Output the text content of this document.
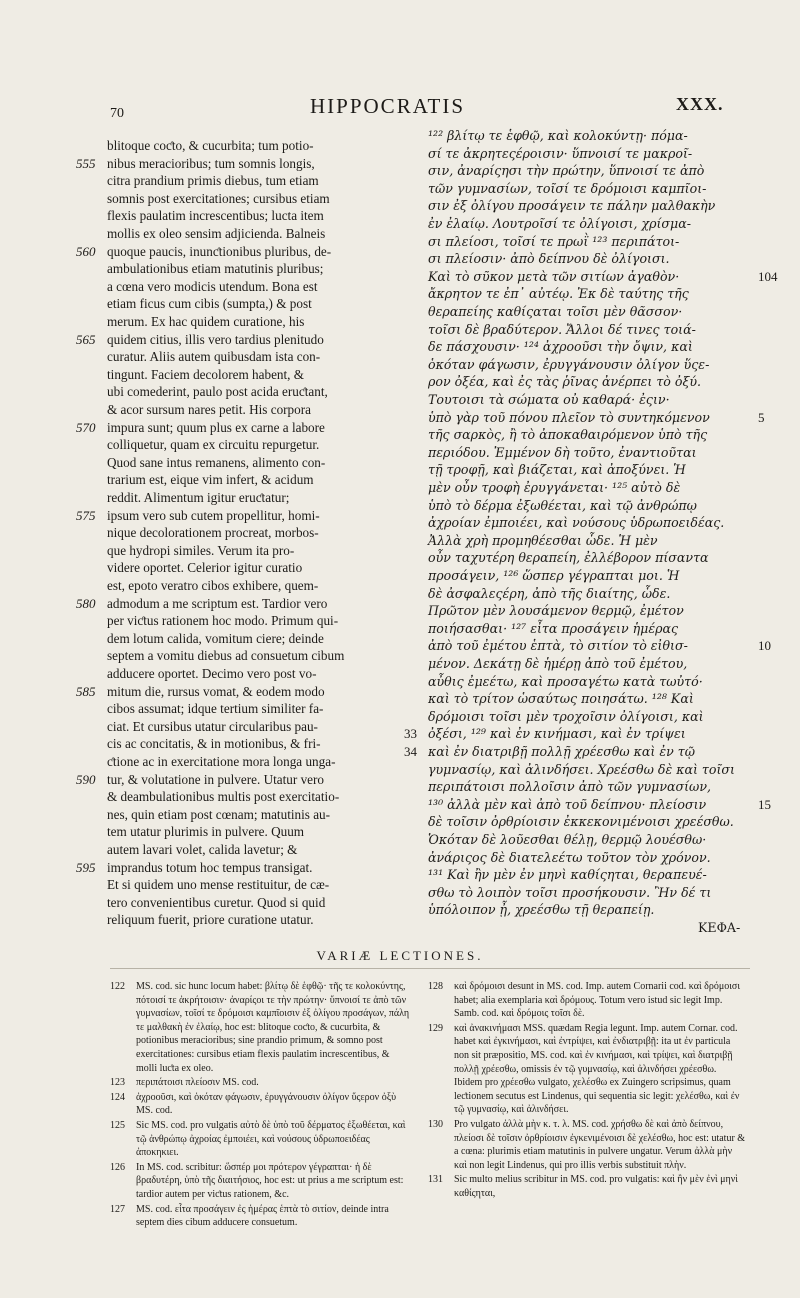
70	HIPPOCRATIS	XXX.
blitoque coƈto, & cucurbita; tum potio-
nibus meracioribus; tum somnis longis,
citra prandium primis diebus, tum etiam
somnis post exercitationes; cursibus etiam
flexis paulatim increscentibus; lucta item
mollis ex oleo sensim adjicienda. Balneis
quoque paucis, inunƈtionibus pluribus, de-
ambulationibus etiam matutinis pluribus;
a cœna vero modicis utendum. Bona est
etiam ficus cum cibis (sumpta,) & post
merum. Ex hac quidem curatione, his
quidem citius, illis vero tardius plenitudo
curatur. Aliis autem quibusdam ista con-
tingunt. Faciem decolorem habent, &
ubi comederint, paulo post acida eruƈtant,
& acor sursum nares petit. His corpora
impura sunt; quum plus ex carne a labore
colliquetur, quam ex circuitu repurgetur.
Quod sane intus remanens, alimento con-
trarium est, eique vim infert, & acidum
reddit. Alimentum igitur eruƈtatur;
ipsum vero sub cutem propellitur, homi-
nique decolorationem procreat, morbos-
que hydropi similes. Verum ita pro-
videre oportet. Celerior igitur curatio
est, epoto veratro cibos exhibere, quem-
admodum a me scriptum est. Tardior vero
per viƈtus rationem hoc modo. Primum qui-
dem lotum calida, vomitum ciere; deinde
septem a vomitu diebus ad consuetum cibum
adducere oportet. Decimo vero post vo-
mitum die, rursus vomat, & eodem modo
cibos assumat; idque tertium similiter fa-
ciat. Et cursibus utatur circularibus pau-
cis ac concitatis, & in motionibus, & fri-
ƈtione ac in exercitatione mora longa unga-
tur, & volutatione in pulvere. Utatur vero
& deambulationibus multis post exercitatio-
nes, quin etiam post cœnam; matutinis au-
tem utatur plurimis in pulvere. Quum
autem lavari volet, calida lavetur; &
imprandus totum hoc tempus transigat.
Et si quidem uno mense restituitur, de cæ-
tero convenientibus curetur. Quod si quid
reliquum fuerit, priore curatione utatur.
555
560
565
570
575
580
585
590
595
¹²² βλίτῳ τε ἑφθῷ, καὶ κολοκύντῃ· πόμα-
σί τε ἀκρητεςέροισιν· ὕπνοισί τε μακροῖ-
σιν, ἀναρίςησι τὴν πρώτην, ὕπνοισί τε ἀπὸ
τῶν γυμνασίων, τοῖσί τε δρόμοισι καμπῖοι-
σιν ἐξ ὀλίγου προσάγειν τε πάλην μαλθακὴν
ἐν ἐλαίῳ. Λουτροῖσί τε ὀλίγοισι, χρίσμα-
σι πλείοσι, τοῖσί τε πρωῒ ¹²³ περιπάτοι-
σι πλείοσιν· ἀπὸ δείπνου δὲ ὀλίγοισι.
Καὶ τὸ σῦκον μετὰ τῶν σιτίων ἀγαθὸν·
ἄκρητον τε ἐπ᾽ αὐτέῳ. Ἐκ δὲ ταύτης τῆς
θεραπείης καθίςαται τοῖσι μὲν θᾶσσον·
τοῖσι δὲ βραδύτερον. Ἄλλοι δέ τινες τοιά-
δε πάσχουσιν· ¹²⁴ ἀχροοῦσι τὴν ὄψιν, καὶ
ὁκόταν φάγωσιν, ἐρυγγάνουσιν ὀλίγον ὕςε-
ρον ὀξέα, καὶ ἐς τὰς ῥῖνας ἀνέρπει τὸ ὀξύ.
Τουτοισι τὰ σώματα οὐ καθαρά· ἐςιν·
ὑπὸ γὰρ τοῦ πόνου πλεῖον τὸ συντηκόμενον
τῆς σαρκὸς, ἢ τὸ ἀποκαθαιρόμενον ὑπὸ τῆς
περιόδου. Ἐμμένον δὴ τοῦτο, ἐναντιοῦται
τῇ τροφῇ, καὶ βιάζεται, καὶ ἀποξύνει. Ἡ
μὲν οὖν τροφὴ ἐρυγγάνεται· ¹²⁵ αὐτὸ δὲ
ὑπὸ τὸ δέρμα ἐξωθέεται, καὶ τῷ ἀνθρώπῳ
ἀχροίαν ἐμποιέει, καὶ νούσους ὑδρωποειδέας.
Ἀλλὰ χρὴ προμηθέεσθαι ὧδε. Ἡ μὲν
οὖν ταχυτέρη θεραπείη, ἐλλέβορον πίσαντα
προσάγειν, ¹²⁶ ὥσπερ γέγραπται μοι. Ἡ
δὲ ἀσφαλεςέρη, ἀπὸ τῆς διαίτης, ὧδε.
Πρῶτον μὲν λουσάμενον θερμῷ, ἐμέτον
ποιήσασθαι· ¹²⁷ εἶτα προσάγειν ἡμέρας
ἀπὸ τοῦ ἐμέτου ἑπτὰ, τὸ σιτίον τὸ εἰθισ-
μένον. Δεκάτῃ δὲ ἡμέρῃ ἀπὸ τοῦ ἐμέτου,
αὖθις ἐμεέτω, καὶ προσαγέτω κατὰ τωὐτό·
καὶ τὸ τρίτον ὡσαύτως ποιησάτω. ¹²⁸ Καὶ
δρόμοισι τοῖσι μὲν τροχοῖσιν ὀλίγοισι, καὶ
ὀξέσι, ¹²⁹ καὶ ἐν κινήμασι, καὶ ἐν τρίψει
καὶ ἐν διατριβῇ πολλῇ χρέεσθω καὶ ἐν τῷ
γυμνασίῳ, καὶ ἀλινδήσει. Χρεέσθω δὲ καὶ τοῖσι
περιπάτοισι πολλοῖσιν ἀπὸ τῶν γυμνασίων,
¹³⁰ ἀλλὰ μὲν καὶ ἀπὸ τοῦ δείπνου· πλείοσιν
δὲ τοῖσιν ὀρθρίοισιν ἐκκεκονιμένοισι χρεέσθω.
Ὁκόταν δὲ λοῦεσθαι θέλῃ, θερμῷ λουέσθω·
ἀνάριςος δὲ διατελεέτω τοῦτον τὸν χρόνον.
¹³¹ Καὶ ἢν μὲν ἐν μηνὶ καθίςηται, θεραπευέ-
σθω τὸ λοιπὸν τοῖσι προσήκουσιν. Ἢν δέ τι
ὑπόλοιπον ᾖ, χρεέσθω τῇ θεραπείῃ.
ΚΕΦΑ-
33
34
104
5
10
15
VARIÆ LECTIONES.
122 MS. cod. sic hunc locum habet: βλίτῳ δὲ ἑφθῷ· τῆς τε κολοκύντης, πότοισί τε ἀκρήτοισιν· ἀναρίςοι τε τὴν πρώτην· ὕπνοισί τε ἀπὸ τῶν γυμνασίων, τοῖσί τε δρόμοισι καμπῖοισιν ἐξ ὀλίγου προσάγων, πάλη τε μαλθακὴ ἐν ἐλαίῳ, hoc est: blitoque coƈto, & cucurbita, & potionibus meracioribus; sine prandio primum, & somno post exercitationes: cursibus etiam flexis paulatim increscentibus, & molli luƈta ex oleo.
123 περιπάτοισι πλείοσιν MS. cod.
124 ἀχροοῦσι, καὶ ὁκόταν φάγωσιν, ἐρυγγάνουσιν ὀλίγον ὕςερον ὀξὺ MS. cod.
125 Sic MS. cod. pro vulgatis αὐτὸ δὲ ὑπὸ τοῦ δέρματος ἐξωθέεται, καὶ τῷ ἀνθρώπῳ ἀχροίας ἐμποιέει, καὶ νούσους ὑδρωποειδέας ἀποκηκιει.
126 In MS. cod. scribitur: ὥσπέρ μοι πρότερον γέγραπται· ἡ δὲ βραδυτέρη, ὑπὸ τῆς διαιτήσιος, hoc est: ut prius a me scriptum est: tardior autem per viƈtus rationem, &c.
127 MS. cod. εἶτα προσάγειν ἐς ἡμέρας ἑπτὰ τὸ σιτίον, deinde intra septem dies cibum adducere consuetum.
128 καὶ δρόμοισι desunt in MS. cod. Imp. autem Cornarii cod. καὶ δρόμοισι habet; alia exemplaria καὶ δρόμους. Totum vero istud sic legit Imp. Samb. cod. καὶ δρόμοις τοῖσι δὲ.
129 καὶ ἀνακινήμασι MSS. quædam Regia legunt. Imp. autem Cornar. cod. habet καὶ ἐγκινήμασι, καὶ ἐντρίψει, καὶ ἐνδιατριβῇ: ita ut ἐν particula non sit præpositio, MS. cod. καὶ ἐν κινήμασι, καὶ τρίψει, καὶ διατριβῇ πολλῇ χρέεσθω, omissis ἐν τῷ γυμνασίῳ, καὶ ἀλινδήσει χρέεσθω. Ibidem pro χρέεσθω vulgato, χελέσθω ex Zuingero scripsimus, quam leƈtionem secutus est Lindenus, qui sequentia sic legit: χελέσθω, καὶ ἐν τῷ γυμνασίῳ, καὶ ἀλινδήσει.
130 Pro vulgato ἀλλὰ μὴν κ. τ. λ. MS. cod. χρήσθω δὲ καὶ ἀπὸ δείπνου, πλείοσι δὲ τοῖσιν ὀρθρίοισιν ἐγκενιμένοισι δὲ χελέσθω, hoc est: utatur & a cœna: plurimis etiam matutinis in pulvere ungatur. Verum ἀλλὰ μὴν καὶ non legit Lindenus, qui pro illis verbis substituit πλὴν.
131 Sic multo melius scribitur in MS. cod. pro vulgatis: καὶ ἢν μὲν ἐνὶ μηνὶ καθίςηται,
